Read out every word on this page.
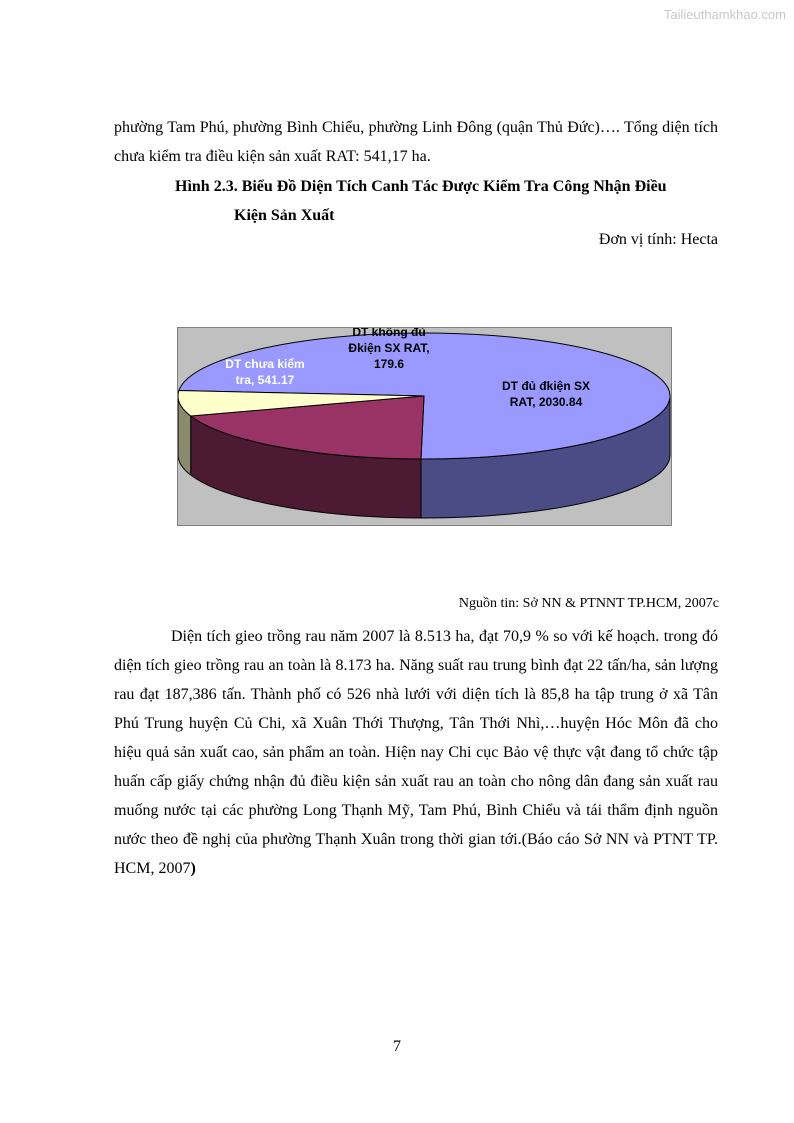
Tailieuthamkhao.com

phường Tam Phú, phường Bình Chiểu, phường Linh Đông (quận Thủ Đức)…. Tổng diện tích chưa kiểm tra điều kiện sản xuất RAT: 541,17 ha.

Hình 2.3. Biểu Đồ Diện Tích Canh Tác Được Kiểm Tra Công Nhận Điều
Kiện Sản Xuất

Đơn vị tính: Hecta

DT đủ đkiện SX
RAT, 2030.84
DT chưa kiểm
tra, 541.17
DT không đủ
Đkiện SX RAT,
179.6

Nguồn tin: Sở NN & PTNNT TP.HCM, 2007c

Diện tích gieo trồng rau năm 2007 là 8.513 ha, đạt 70,9 % so với kế hoạch. trong đó diện tích gieo trồng rau an toàn là 8.173 ha. Năng suất rau trung bình đạt 22 tấn/ha, sản lượng rau đạt 187,386 tấn. Thành phố có 526 nhà lưới với diện tích là 85,8 ha tập trung ở xã Tân Phú Trung huyện Củ Chi, xã Xuân Thới Thượng, Tân Thới Nhì,…huyện Hóc Môn đã cho hiệu quả sản xuất cao, sản phẩm an toàn. Hiện nay Chi cục Bảo vệ thực vật đang tổ chức tập huấn cấp giấy chứng nhận đủ điều kiện sản xuất rau an toàn cho nông dân đang sản xuất rau muống nước tại các phường Long Thạnh Mỹ, Tam Phú, Bình Chiểu và tái thẩm định nguồn nước theo đề nghị của phường Thạnh Xuân trong thời gian tới.(Báo cáo Sở NN và PTNT TP. HCM, 2007)

7
